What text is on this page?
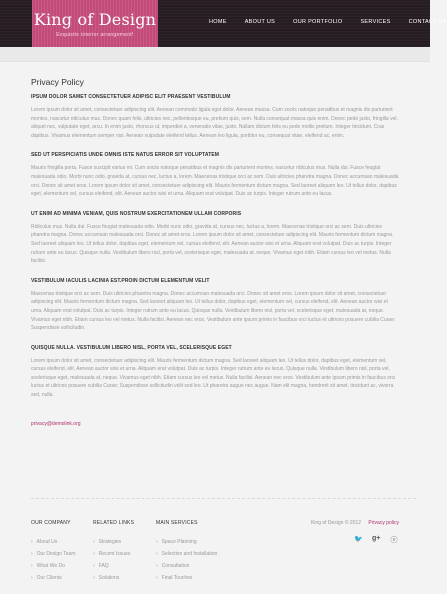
King of Design
Exquisite interior arrangement!
HOME	ABOUT US	OUR PORTFOLIO	SERVICES	CONTACT US
Privacy Policy
IPSUM DOLOR SAMET CONSECTETUER ADIPISC ELIT PRAESENT VESTIBULUM

Lorem ipsum dolor sit amet, consectetuer adipiscing elit. Aenean commodo ligula eget dolor. Aenean massa. Cum sociis natoque penatibus et magnis dis parturient montes, nascetur ridiculus mus. Donec quam felis, ultricies nec, pellentesque eu, pretium quis, sem. Nulla consequat massa quis enim. Donec pede justo, fringilla vel, aliquet nec, vulputate eget, arcu. In enim justo, rhoncus ut, imperdiet a, venenatis vitae, justo. Nullam dictum felis eu pede mollis pretium. Integer tincidunt. Cras dapibus. Vivamus elementum semper nisi. Aenean vulputate eleifend tellus. Aenean leo ligula, porttitor eu, consequat vitae, eleifend ac, enim.

SED UT PERSPICIATIS UNDE OMNIS ISTE NATUS ERROR SIT VOLUPTATEM

Mauris fringilla porta. Fusce suscipit varius mi. Cum sociis natoque penatibus et magnis dis parturient montes, nascetur ridiculus mus. Nulla dui. Fusce feugiat malesuada odio. Morbi nunc odio, gravida at, cursus nec, luctus a, lorem. Maecenas tristique orci ac sem. Duis ultricies pharetra magna. Donec accumsan malesuada orci. Donec sit amet eros. Lorem ipsum dolor sit amet, consectetuer adipiscing elit. Mauris fermentum dictum magna. Sed laoreet aliquam leo. Ut tellus dolor, dapibus eget, elementum vel, cursus eleifend, elit. Aenean auctor wisi et urna. Aliquam erat volutpat. Duis ac turpis. Integer rutrum ante eu lacus.

UT ENIM AD MINIMA VENIAM, QUIS NOSTRUM EXERCITATIONEM ULLAM CORPORIS

Ridiculus mus. Nulla dui. Fusce feugiat malesuada odio. Morbi nunc odio, gravida at, cursus nec, luctus a, lorem. Maecenas tristique orci ac sem. Duis ultricies pharetra magna. Donec accumsan malesuada orci. Donec sit amet eros. Lorem ipsum dolor sit amet, consectetuer adipiscing elit. Mauris fermentum dictum magna. Sed laoreet aliquam leo. Ut tellus dolor, dapibus eget, elementum vel, cursus eleifend, elit. Aenean auctor wisi et urna. Aliquam erat volutpat. Duis ac turpis. Integer rutrum ante eu lacus. Quisque nulla. Vestibulum libero nisl, porta vel, scelerisque eget, malesuada at, neque. Vivamus eget nibh. Etiam cursus leo vel metus. Nulla facilisi.

VESTIBULUM IACULIS LACINIA EST.PROIN DICTUM ELEMENTUM VELIT

Maecenas tristique orci ac sem. Duis ultricies pharetra magna. Donec accumsan malesuada orci. Donec sit amet eros. Lorem ipsum dolor sit amet, consectetuer adipiscing elit. Mauris fermentum dictum magna. Sed laoreet aliquam leo. Ut tellus dolor, dapibus eget, elementum vel, cursus eleifend, elit. Aenean auctor wisi et urna. Aliquam erat volutpat. Duis ac turpis. Integer rutrum ante eu lacus. Quisque nulla. Vestibulum libero nisl, porta vel, scelerisque eget, malesuada at, neque. Vivamus eget nibh. Etiam cursus leo vel metus. Nulla facilisi. Aenean nec eros. Vestibulum ante ipsum primis in faucibus orci luctus et ultrices posuere cubilia Curae; Suspendisse sollicitudin.

QUISQUE NULLA. VESTIBULUM LIBERO NISL, PORTA VEL, SCELERISQUE EGET

Lorem ipsum dolor sit amet, consectetuer adipiscing elit. Mauris fermentum dictum magna. Sed laoreet aliquam leo. Ut tellus dolor, dapibus eget, elementum vel, cursus eleifend, elit. Aenean auctor wisi et urna. Aliquam erat volutpat. Duis ac turpis. Integer rutrum ante eu lacus. Quisque nulla. Vestibulum libero nisl, porta vel, scelerisque eget, malesuada at, neque. Vivamus eget nibh. Etiam cursus leo vel metus. Nulla facilisi. Aenean nec eros. Vestibulum ante ipsum primis in faucibus orci luctus et ultrices posuere cubilia Curae; Suspendisse sollicitudin velit sed leo. Ut pharetra augue nec augue. Nam elit magna, hendrerit sit amet, tincidunt ac, viverra sed, nulla.

privacy@demolink.org
OUR COMPANY
› About Us
› Our Design Team
› What We Do
› Our Clients
RELATED LINKS
› Strategies
› Recent Issues
› FAQ
› Solutions
MAIN SERVICES
› Space Planning
› Selection and Installation
› Consultation
› Final Touches
King of Design © 2012 Privacy policy
🐦 g+ ⓢ
